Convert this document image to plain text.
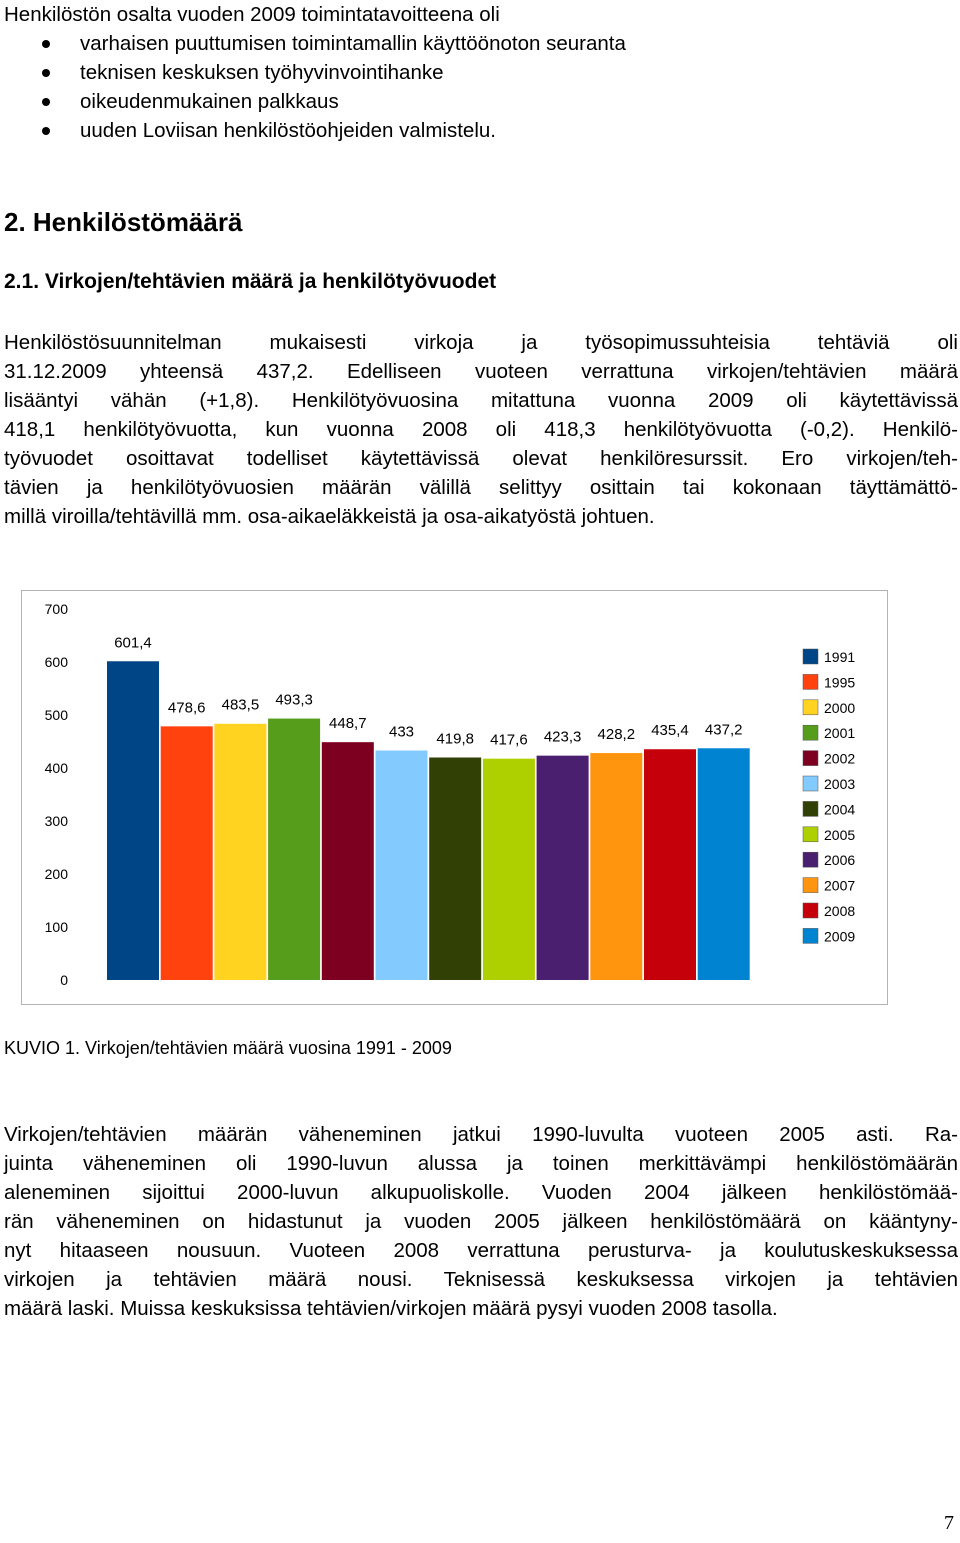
Henkilöstön osalta vuoden 2009 toimintatavoitteena oli
varhaisen puuttumisen toimintamallin käyttöönoton seuranta
teknisen keskuksen työhyvinvointihanke
oikeudenmukainen palkkaus
uuden Loviisan henkilöstöohjeiden valmistelu.
2. Henkilöstömäärä
2.1. Virkojen/tehtävien määrä ja henkilötyövuodet
Henkilöstösuunnitelman mukaisesti virkoja ja työsopimussuhteisia tehtäviä oli
31.12.2009 yhteensä 437,2. Edelliseen vuoteen verrattuna virkojen/tehtävien määrä
lisääntyi vähän (+1,8). Henkilötyövuosina mitattuna vuonna 2009 oli käytettävissä
418,1 henkilötyövuotta, kun vuonna 2008 oli 418,3 henkilötyövuotta (-0,2). Henkilö-
työvuodet osoittavat todelliset käytettävissä olevat henkilöresurssit. Ero virkojen/teh-
tävien ja henkilötyövuosien määrän välillä selittyy osittain tai kokonaan täyttämättö-
millä viroilla/tehtävillä mm. osa-aikaeläkkeistä ja osa-aikatyöstä johtuen.
0
100
200
300
400
500
600
700
601,4
478,6 483,5 493,3
448,7 433 419,8 417,6 423,3 428,2 435,4 437,2
1991
1995
2000
2001
2002
2003
2004
2005
2006
2007
2008
2009
KUVIO 1. Virkojen/tehtävien määrä vuosina 1991 - 2009
Virkojen/tehtävien määrän väheneminen jatkui 1990-luvulta vuoteen 2005 asti. Ra-
juinta väheneminen oli 1990-luvun alussa ja toinen merkittävämpi henkilöstömäärän
aleneminen sijoittui 2000-luvun alkupuoliskolle. Vuoden 2004 jälkeen henkilöstömää-
rän väheneminen on hidastunut ja vuoden 2005 jälkeen henkilöstömäärä on kääntyny-
nyt hitaaseen nousuun. Vuoteen 2008 verrattuna perusturva- ja koulutuskeskuksessa
virkojen ja tehtävien määrä nousi. Teknisessä keskuksessa virkojen ja tehtävien
määrä laski. Muissa keskuksissa tehtävien/virkojen määrä pysyi vuoden 2008 tasolla.
7
